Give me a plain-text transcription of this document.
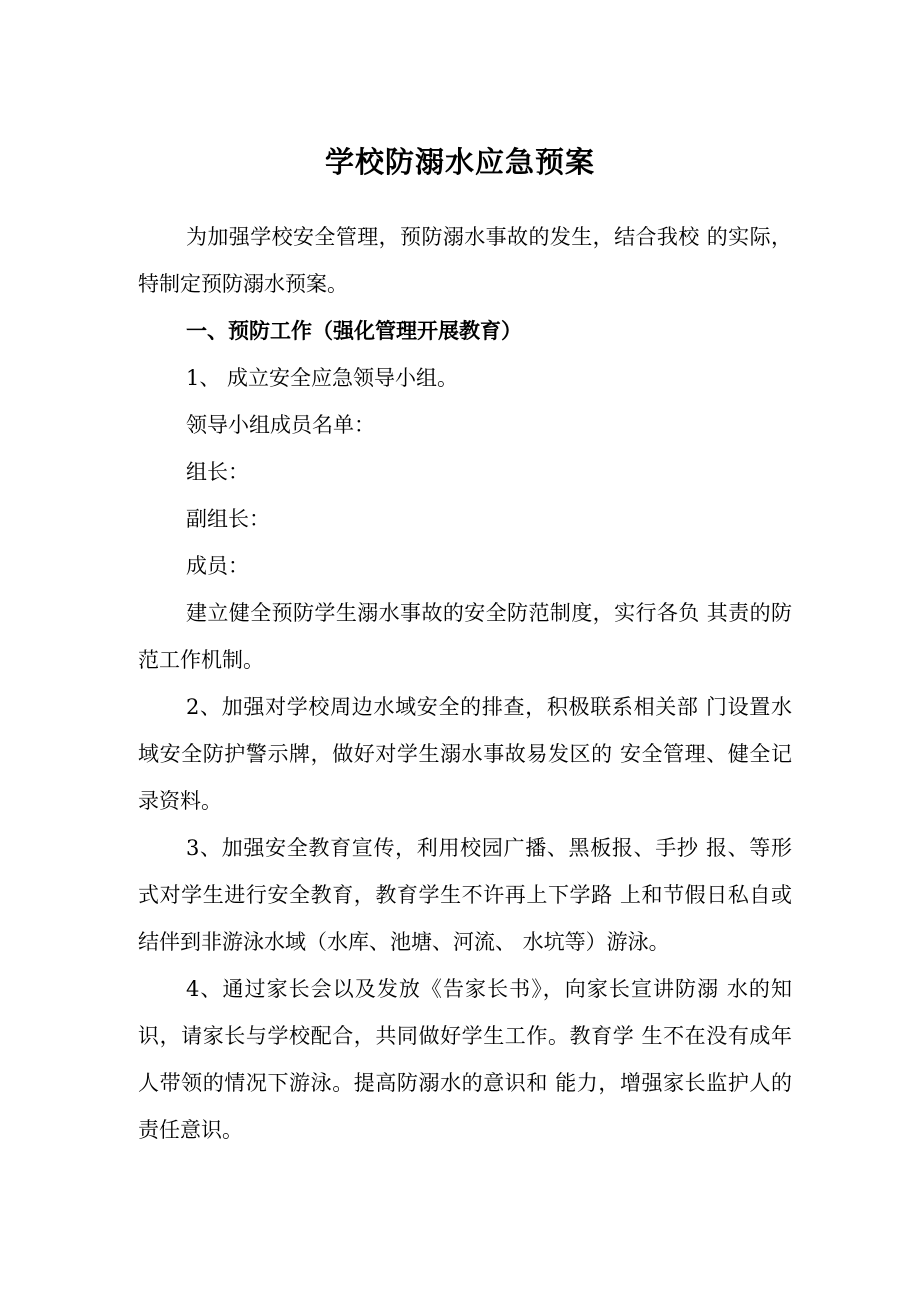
学校防溺水应急预案

为加强学校安全管理，预防溺水事故的发生，结合我校 的实际，特制定预防溺水预案。

一、预防工作（强化管理开展教育）

1、 成立安全应急领导小组。

领导小组成员名单：

组长：

副组长：

成员：

建立健全预防学生溺水事故的安全防范制度，实行各负 其责的防范工作机制。

2、加强对学校周边水域安全的排查，积极联系相关部 门设置水域安全防护警示牌，做好对学生溺水事故易发区的 安全管理、健全记录资料。

3、加强安全教育宣传，利用校园广播、黑板报、手抄 报、等形式对学生进行安全教育，教育学生不许再上下学路 上和节假日私自或结伴到非游泳水域（水库、池塘、河流、 水坑等）游泳。

4、通过家长会以及发放《告家长书》，向家长宣讲防溺 水的知识，请家长与学校配合，共同做好学生工作。教育学 生不在没有成年人带领的情况下游泳。提高防溺水的意识和 能力，增强家长监护人的责任意识。
